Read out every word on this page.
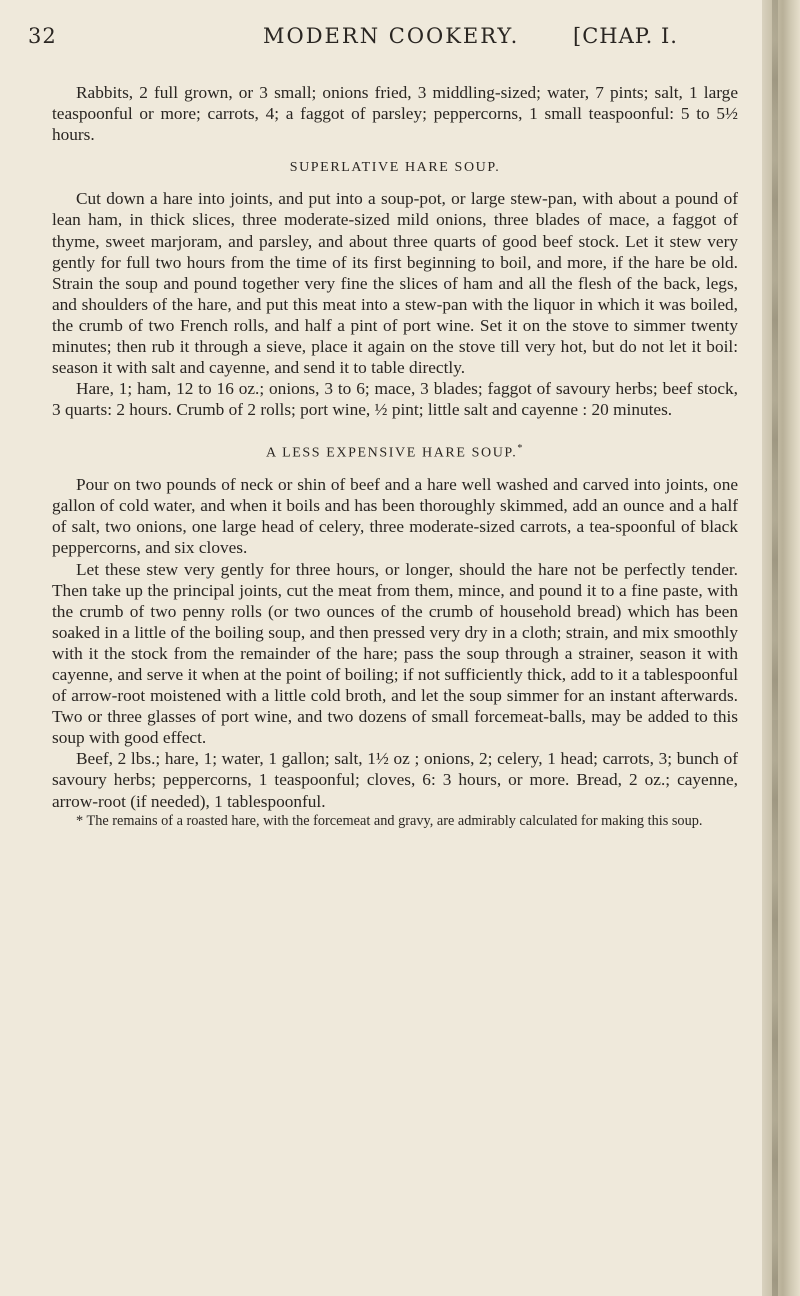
32	MODERN COOKERY.	[CHAP. I.

Rabbits, 2 full grown, or 3 small; onions fried, 3 middling-sized; water, 7 pints; salt, 1 large teaspoonful or more; carrots, 4; a faggot of parsley; peppercorns, 1 small teaspoonful: 5 to 5½ hours.

SUPERLATIVE HARE SOUP.

Cut down a hare into joints, and put into a soup-pot, or large stew-pan, with about a pound of lean ham, in thick slices, three moderate-sized mild onions, three blades of mace, a faggot of thyme, sweet marjoram, and parsley, and about three quarts of good beef stock. Let it stew very gently for full two hours from the time of its first beginning to boil, and more, if the hare be old. Strain the soup and pound together very fine the slices of ham and all the flesh of the back, legs, and shoulders of the hare, and put this meat into a stew-pan with the liquor in which it was boiled, the crumb of two French rolls, and half a pint of port wine. Set it on the stove to simmer twenty minutes; then rub it through a sieve, place it again on the stove till very hot, but do not let it boil: season it with salt and cayenne, and send it to table directly.

Hare, 1; ham, 12 to 16 oz.; onions, 3 to 6; mace, 3 blades; faggot of savoury herbs; beef stock, 3 quarts: 2 hours. Crumb of 2 rolls; port wine, ½ pint; little salt and cayenne : 20 minutes.

A LESS EXPENSIVE HARE SOUP.*

Pour on two pounds of neck or shin of beef and a hare well washed and carved into joints, one gallon of cold water, and when it boils and has been thoroughly skimmed, add an ounce and a half of salt, two onions, one large head of celery, three moderate-sized carrots, a tea-spoonful of black peppercorns, and six cloves.

Let these stew very gently for three hours, or longer, should the hare not be perfectly tender. Then take up the principal joints, cut the meat from them, mince, and pound it to a fine paste, with the crumb of two penny rolls (or two ounces of the crumb of household bread) which has been soaked in a little of the boiling soup, and then pressed very dry in a cloth; strain, and mix smoothly with it the stock from the remainder of the hare; pass the soup through a strainer, season it with cayenne, and serve it when at the point of boiling; if not sufficiently thick, add to it a tablespoonful of arrow-root moistened with a little cold broth, and let the soup simmer for an instant afterwards. Two or three glasses of port wine, and two dozens of small forcemeat-balls, may be added to this soup with good effect.

Beef, 2 lbs.; hare, 1; water, 1 gallon; salt, 1½ oz ; onions, 2; celery, 1 head; carrots, 3; bunch of savoury herbs; peppercorns, 1 teaspoonful; cloves, 6: 3 hours, or more. Bread, 2 oz.; cayenne, arrow-root (if needed), 1 tablespoonful.

* The remains of a roasted hare, with the forcemeat and gravy, are admirably calculated for making this soup.
